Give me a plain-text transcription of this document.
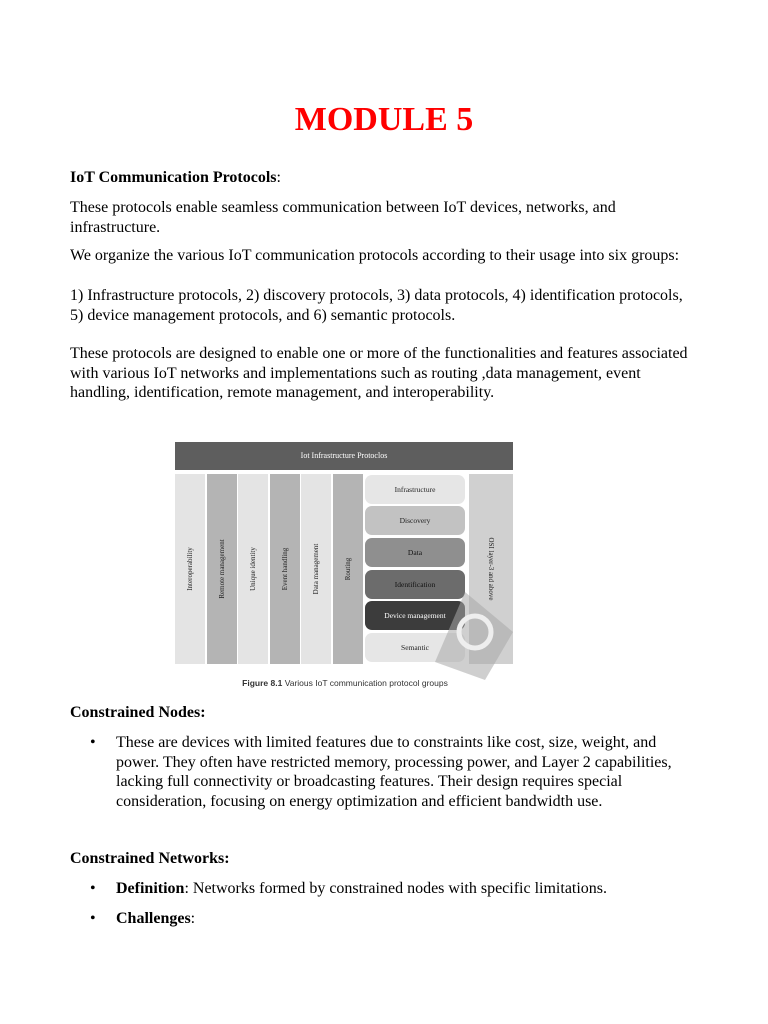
MODULE 5
IoT Communication Protocols:
These protocols enable seamless communication between IoT devices, networks, and infrastructure.
We organize the various IoT communication protocols according to their usage into six groups:
1) Infrastructure protocols, 2) discovery protocols, 3) data protocols, 4) identification protocols, 5) device management protocols, and 6) semantic protocols.
These protocols are designed to enable one or more of the functionalities and features associated with various IoT networks and implementations such as routing ,data management, event handling, identification, remote management, and interoperability.
Iot Infrastructure Protoclos
Interoperability	Remote management	Unique identity	Event handling	Data management	Routing
Infrastructure
Discovery
Data
Identification
Device management
Semantic
OSI layer-3 and above
Figure 8.1 Various IoT communication protocol groups
Constrained Nodes:
• These are devices with limited features due to constraints like cost, size, weight, and power. They often have restricted memory, processing power, and Layer 2 capabilities, lacking full connectivity or broadcasting features. Their design requires special consideration, focusing on energy optimization and efficient bandwidth use.
Constrained Networks:
• Definition: Networks formed by constrained nodes with specific limitations.
• Challenges:
